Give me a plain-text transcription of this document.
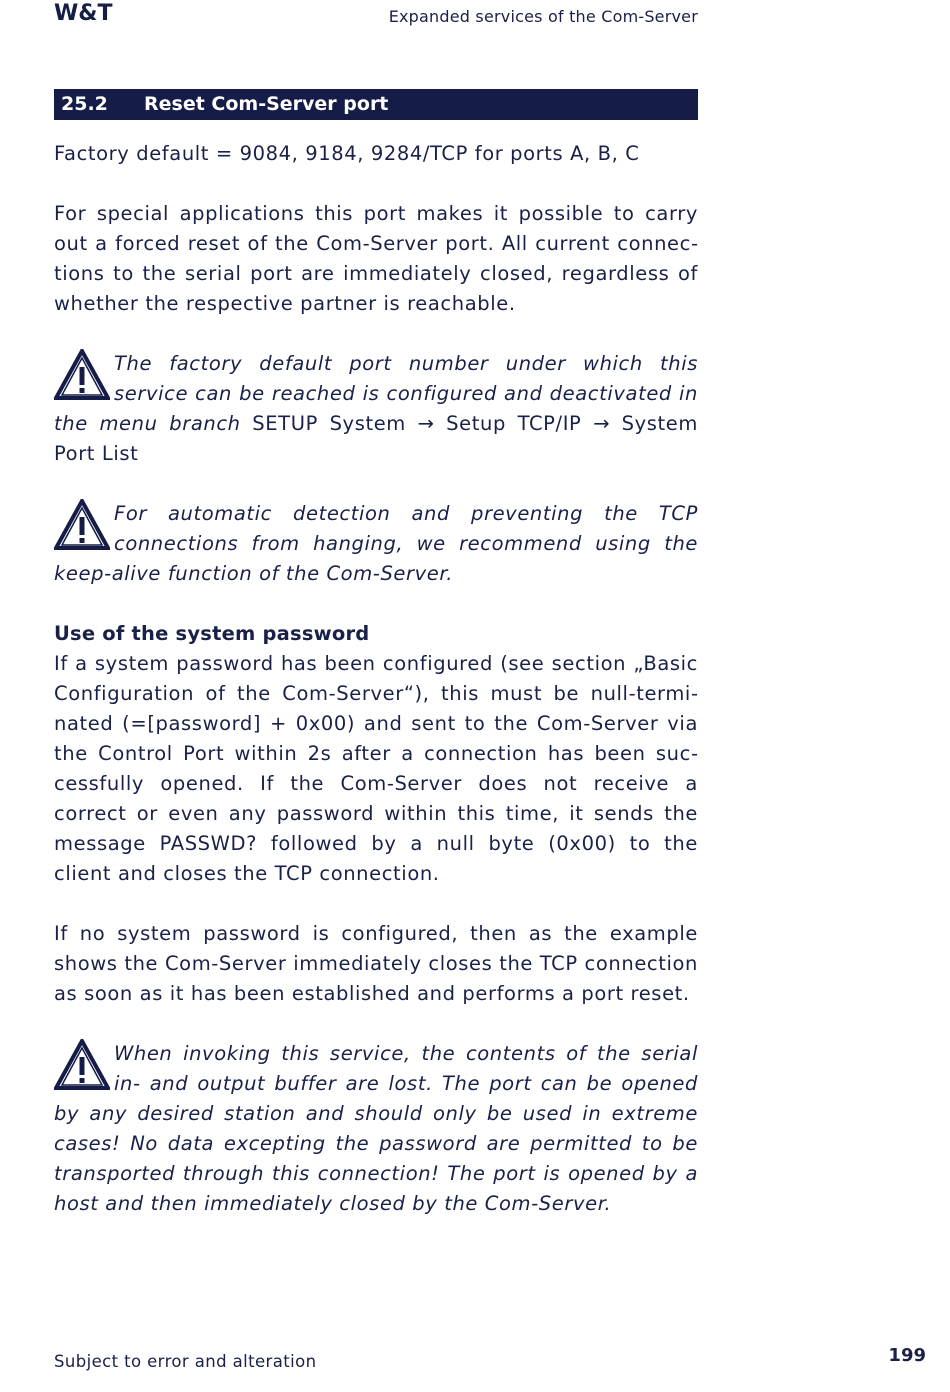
W&T	Expanded services of the Com-Server
25.2 Reset Com-Server port

Factory default = 9084, 9184, 9284/TCP for ports A, B, C

For special applications this port makes it possible to carry out a forced reset of the Com-Server port. All current connections to the serial port are immediately closed, regardless of whether the respective partner is reachable.

The factory default port number under which this service can be reached is configured and deactivated in the menu branch SETUP System → Setup TCP/IP → System Port List
For automatic detection and preventing the TCP connections from hanging, we recommend using the keep-alive function of the Com-Server.

Use of the system password

If a system password has been configured (see section „Basic Configuration of the Com-Server“), this must be null-terminated (=[password] + 0x00) and sent to the Com-Server via the Control Port within 2s after a connection has been successfully opened. If the Com-Server does not receive a correct or even any password within this time, it sends the message PASSWD? followed by a null byte (0x00) to the client and closes the TCP connection.

If no system password is configured, then as the example shows the Com-Server immediately closes the TCP connection as soon as it has been established and performs a port reset.

When invoking this service, the contents of the serial in- and output buffer are lost. The port can be opened by any desired station and should only be used in extreme cases! No data excepting the password are permitted to be transported through this connection! The port is opened by a host and then immediately closed by the Com-Server.
Subject to error and alteration	199
